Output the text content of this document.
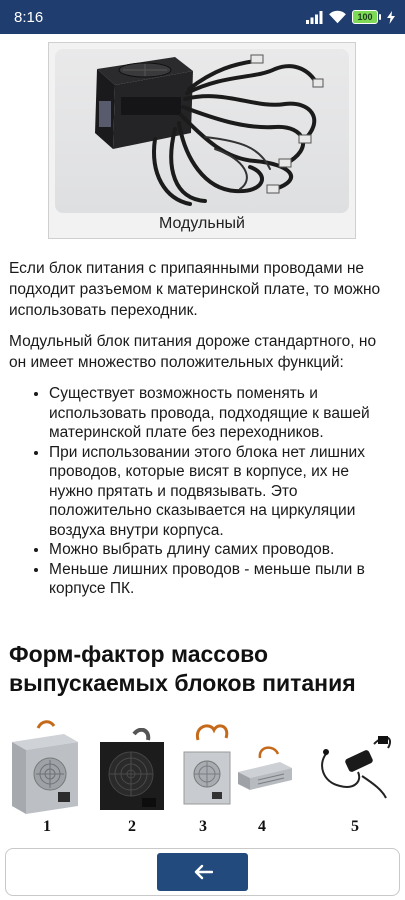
8:16	100
Модульный

Если блок питания с припаянными проводами не подходит разъемом к материнской плате, то можно использовать переходник.

Модульный блок питания дороже стандартного, но он имеет множество положительных функций:

• Существует возможность поменять и использовать провода, подходящие к вашей материнской плате без переходников.
• При использовании этого блока нет лишних проводов, которые висят в корпусе, их не нужно прятать и подвязывать. Это положительно сказывается на циркуляции воздуха внутри корпуса.
• Можно выбрать длину самих проводов.
• Меньше лишних проводов - меньше пыли в корпусе ПК.
Форм-фактор массово выпускаемых блоков питания
1	2	3	4	5
